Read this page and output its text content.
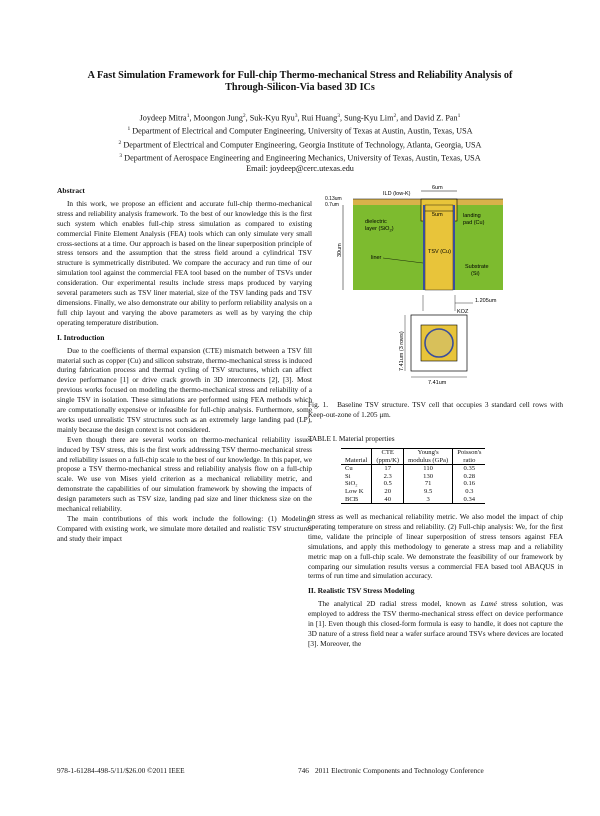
A Fast Simulation Framework for Full-chip Thermo-mechanical Stress and Reliability Analysis of
Through-Silicon-Via based 3D ICs
Joydeep Mitra$^1$, Moongon Jung$^2$, Suk-Kyu Ryu$^3$, Rui Huang$^3$, Sung-Kyu Lim$^2$, and David Z. Pan$^1$
$^1$ Department of Electrical and Computer Engineering, University of Texas at Austin, Austin, Texas, USA
$^2$ Department of Electrical and Computer Engineering, Georgia Institute of Technology, Atlanta, Georgia, USA
$^3$ Department of Aerospace Engineering and Engineering Mechanics, University of Texas, Austin, Texas, USA
Email: joydeep@cerc.utexas.edu
Abstract

In this work, we propose an efficient and accurate full-chip thermo-mechanical stress and reliability analysis framework. To the best of our knowledge this is the first such system which enables full-chip stress simulation as compared to existing commercial Finite Element Analysis (FEA) tools which can only simulate very small cross-sections at a time. Our approach is based on the linear superposition principle of stress tensors and the assumption that the stress field around a cylindrical TSV structure is symmetrically distributed. We compare the accuracy and run time of our simulation tool against the commercial FEA tool based on the number of TSVs under consideration. Our experimental results include stress maps produced by varying several parameters such as TSV liner material, size of the TSV landing pads and TSV dimensions. Finally, we also demonstrate our ability to perform reliability analysis on a full chip layout and varying the above parameters as well as by varying the chip operating temperature distribution.

I. Introduction

Due to the coefficients of thermal expansion (CTE) mismatch between a TSV fill material such as copper (Cu) and silicon substrate, thermo-mechanical stress is induced during fabrication process and thermal cycling of TSV structures, which can affect device performance [1] or drive crack growth in 3D interconnects [2], [3]. Most previous works focused on modeling the thermo-mechanical stress and reliability of a single TSV in isolation. These simulations are performed using FEA methods which are computationally expensive or infeasible for full-chip analysis. Furthermore, some works used unrealistic TSV structures such as an extremely large landing pad (LP), mainly because the design context is not considered.

Even though there are several works on thermo-mechanical reliability issues induced by TSV stress, this is the first work addressing TSV thermo-mechanical stress and reliability issues on a full-chip scale to the best of our knowledge. In this paper, we propose a TSV thermo-mechanical stress and reliability analysis flow on a full-chip scale. We use von Mises yield criterion as a mechanical reliability metric, and demonstrate the capabilities of our simulation framework by showing the impacts of design parameters such as TSV size, landing pad size and liner thickness size on the mechanical reliability.

The main contributions of this work include the following: (1) Modeling: Compared with existing work, we simulate more detailed and realistic TSV structures and study their impact

ILD (low-K)
0.13um
0.7um
6um
5um
dielectric
layer (SiO$_2$)
landing
pad (Cu)
30um	TSV (Cu)
liner
Substrate
(Si)
1.205um
KOZ
7.41um (3 rows)
7.41um
Fig. 1. Baseline TSV structure. TSV cell that occupies 3 standard cell rows with Keep-out-zone of 1.205 μm.
TABLE I. Material properties
	CTE	Young's	Poisson's
Material	(ppm/K)	modulus (GPa)	ratio
Cu	17	110	0.35
Si	2.3	130	0.28
SiO₂	0.5	71	0.16
Low K	20	9.5	0.3
BCB	40	3	0.34

on stress as well as mechanical reliability metric. We also model the impact of chip operating temperature on stress and reliability. (2) Full-chip analysis: We, for the first time, validate the principle of linear superposition of stress tensors against FEA simulations, and apply this methodology to generate a stress map and a reliability metric map on a full-chip scale. We demonstrate the feasibility of our framework by comparing our simulation results versus a commercial FEA based tool ABAQUS in terms of run time and simulation accuracy.

II. Realistic TSV Stress Modeling

The analytical 2D radial stress model, known as Lamé stress solution, was employed to address the TSV thermo-mechanical stress effect on device performance in [1]. Even though this closed-form formula is easy to handle, it does not capture the 3D nature of a stress field near a wafer surface around TSVs where devices are located [3]. Moreover, the

978-1-61284-498-5/11/$26.00 ©2011 IEEE	746 2011 Electronic Components and Technology Conference
